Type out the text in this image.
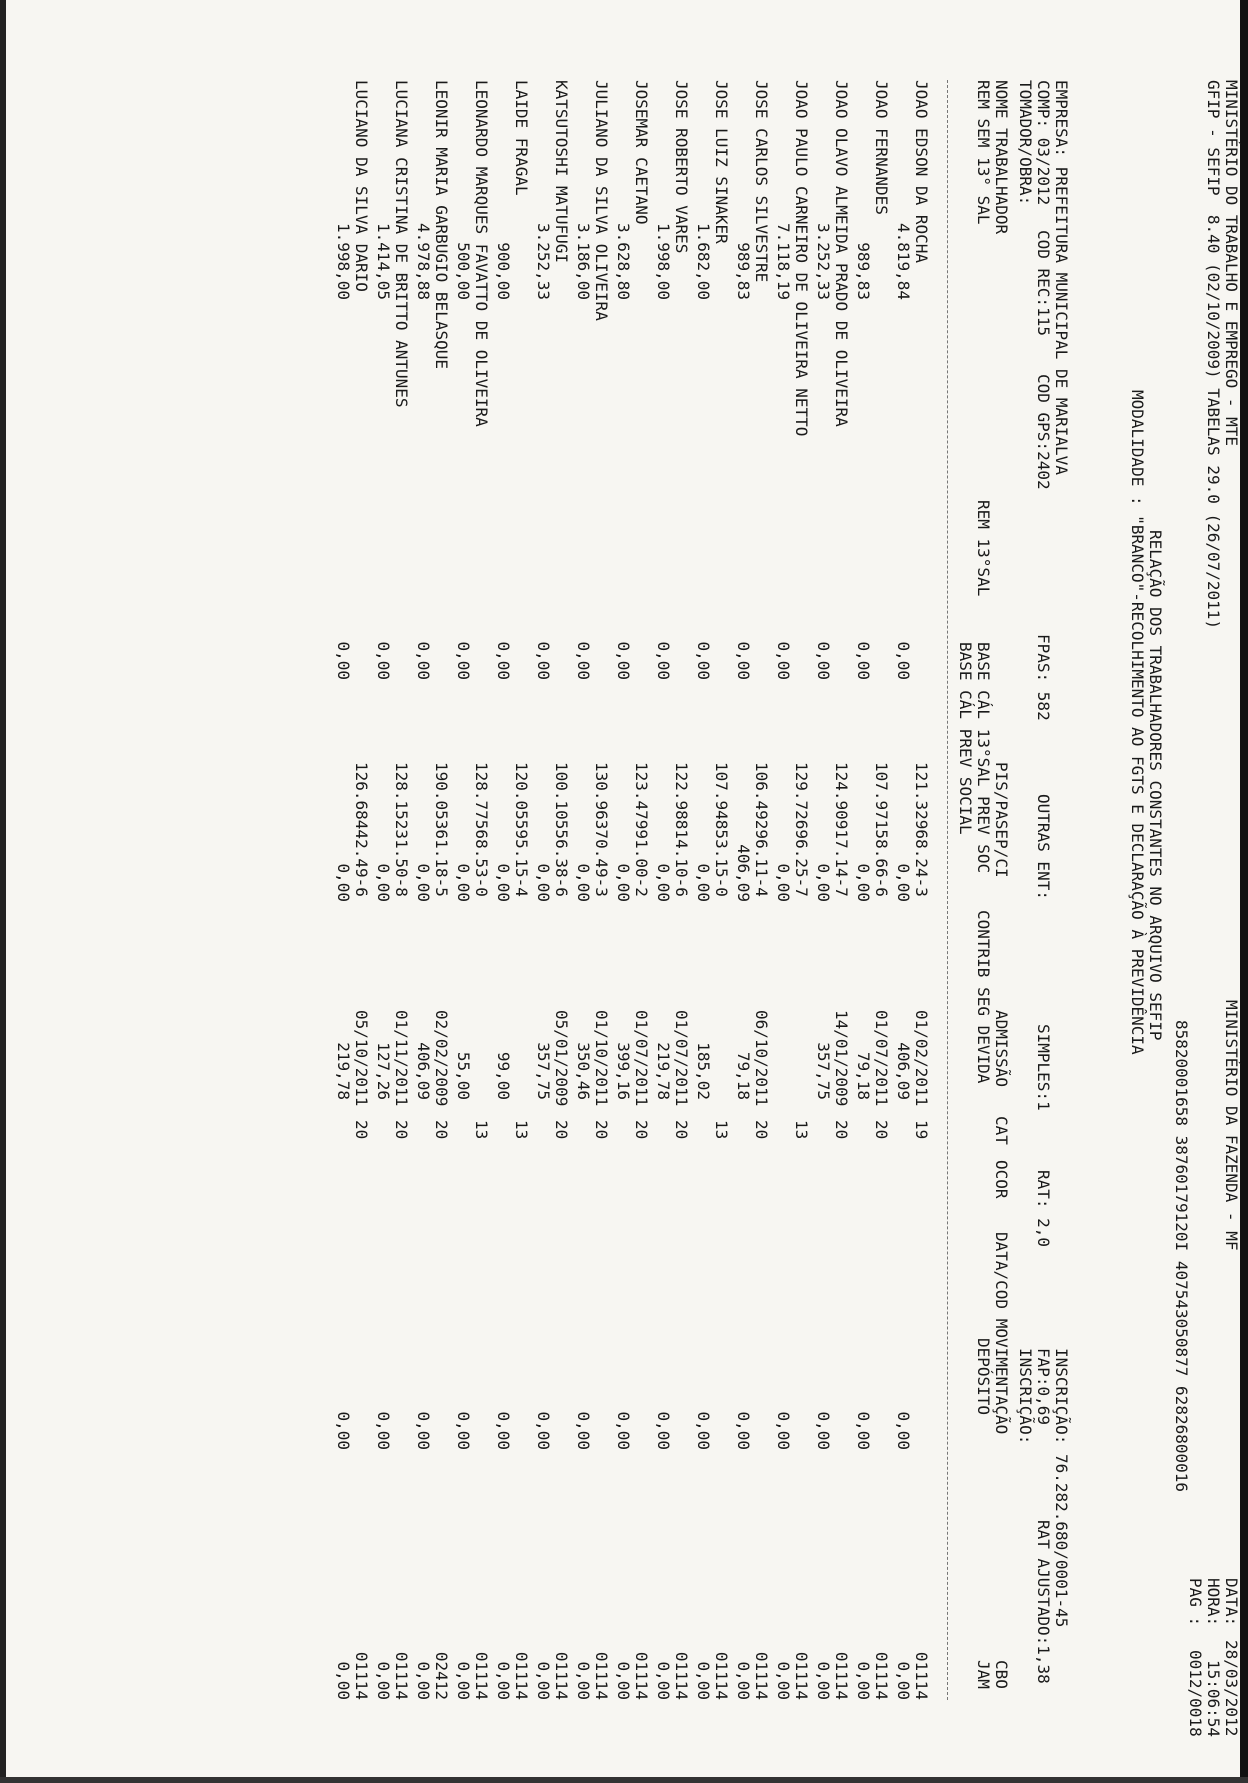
MINISTÉRIO DO TRABALHO E EMPREGO - MTE
MINISTÉRIO DA FAZENDA - MF
DATA:
28/03/2012
GFIP - SEFIP  8.40 (02/10/2009) TABELAS 29.0 (26/07/2011)
HORA:
15:06:54
PAG :
0012/0018
85820001658 38760179120I 407543050877 62826800016
RELAÇÃO DOS TRABALHADORES CONSTANTES NO ARQUIVO SEFIP
MODALIDADE : "BRANCO"-RECOLHIMENTO AO FGTS E DECLARAÇÃO À PREVIDÊNCIA
EMPRESA: PREFEITURA MUNICIPAL DE MARIALVA
INSCRIÇÃO: 76.282.680/0001-45
COMP: 03/2012
COD REC:115
COD GPS:2402
FPAS: 582
OUTRAS ENT:
SIMPLES:1
RAT: 2,0
FAP:0,69
RAT AJUSTADO:1,38
TOMADOR/OBRA:
INSCRIÇÃO:
NOME TRABALHADOR
PIS/PASEP/CI
ADMISSÃO
CAT
OCOR
DATA/COD MOVIMENTAÇÃO
CBO
REM SEM 13° SAL
REM 13°SAL
BASE CÁL 13°SAL PREV SOC
CONTRIB SEG DEVIDA
DEPÓSITO
JAM
BASE CÁL PREV SOCIAL
JOAO EDSON DA ROCHA
121.32968.24-3
01/02/2011
19
01114
4.819,84
0,00
0,00
406,09
0,00
0,00
JOAO FERNANDES
107.97158.66-6
01/07/2011
20
01114
989,83
0,00
0,00
79,18
0,00
0,00
JOAO OLAVO ALMEIDA PRADO DE OLIVEIRA
124.90917.14-7
14/01/2009
20
01114
3.252,33
0,00
0,00
357,75
0,00
0,00
JOAO PAULO CARNEIRO DE OLIVEIRA NETTO
129.72696.25-7
13
01114
7.118,19
0,00
0,00
0,00
0,00
JOSE CARLOS SILVESTRE
106.49296.11-4
06/10/2011
20
01114
989,83
0,00
406,09
79,18
0,00
0,00
JOSE LUIZ SINAKER
107.94853.15-0
13
01114
1.682,00
0,00
0,00
185,02
0,00
0,00
JOSE ROBERTO VARES
122.98814.10-6
01/07/2011
20
01114
1.998,00
0,00
0,00
219,78
0,00
0,00
JOSEMAR CAETANO
123.47991.00-2
01/07/2011
20
01114
3.628,80
0,00
0,00
399,16
0,00
0,00
JULIANO DA SILVA OLIVEIRA
130.96370.49-3
01/10/2011
20
01114
3.186,00
0,00
0,00
350,46
0,00
0,00
KATSUTOSHI MATUFUGI
100.10556.38-6
05/01/2009
20
01114
3.252,33
0,00
0,00
357,75
0,00
0,00
LAIDE FRAGAL
120.05595.15-4
13
01114
900,00
0,00
0,00
99,00
0,00
0,00
LEONARDO MARQUES FAVATTO DE OLIVEIRA
128.77568.53-0
13
01114
500,00
0,00
0,00
55,00
0,00
0,00
LEONIR MARIA GARBUGIO BELASQUE
190.05361.18-5
02/02/2009
20
02412
4.978,88
0,00
0,00
406,09
0,00
0,00
LUCIANA CRISTINA DE BRITTO ANTUNES
128.15231.50-8
01/11/2011
20
01114
1.414,05
0,00
0,00
127,26
0,00
0,00
LUCIANO DA SILVA DARIO
126.68442.49-6
05/10/2011
20
01114
1.998,00
0,00
0,00
219,78
0,00
0,00
